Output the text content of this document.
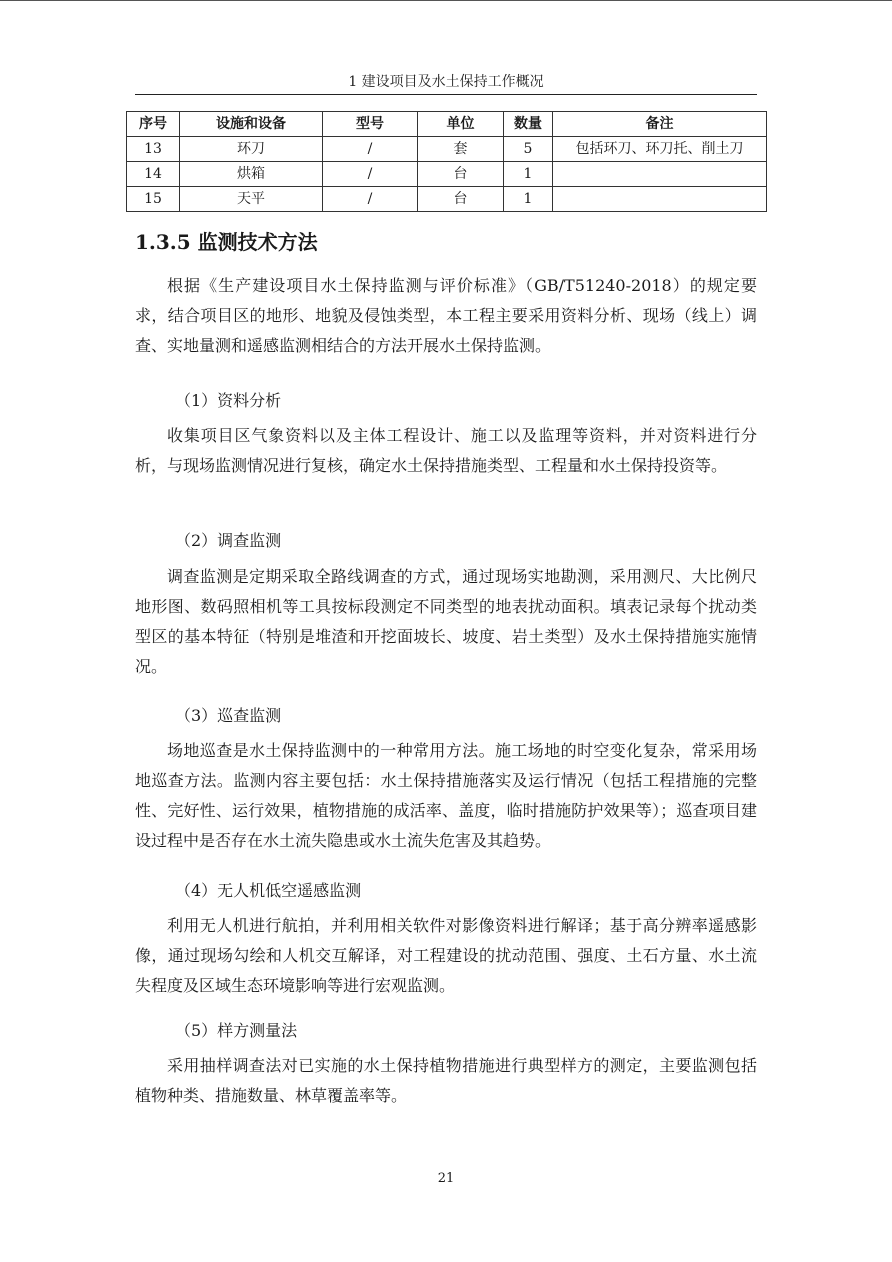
1 建设项目及水土保持工作概况
序号	设施和设备	型号	单位	数量	备注
13	环刀	/	套	5	包括环刀、环刀托、削土刀
14	烘箱	/	台	1	
15	天平	/	台	1	
1.3.5 监测技术方法

根据《生产建设项目水土保持监测与评价标准》（GB/T51240-2018）的规定要求，结合项目区的地形、地貌及侵蚀类型，本工程主要采用资料分析、现场（线上）调查、实地量测和遥感监测相结合的方法开展水土保持监测。

（1）资料分析

收集项目区气象资料以及主体工程设计、施工以及监理等资料，并对资料进行分析，与现场监测情况进行复核，确定水土保持措施类型、工程量和水土保持投资等。

（2）调查监测

调查监测是定期采取全路线调查的方式，通过现场实地勘测，采用测尺、大比例尺地形图、数码照相机等工具按标段测定不同类型的地表扰动面积。填表记录每个扰动类型区的基本特征（特别是堆渣和开挖面坡长、坡度、岩土类型）及水土保持措施实施情况。

（3）巡查监测

场地巡查是水土保持监测中的一种常用方法。施工场地的时空变化复杂，常采用场地巡查方法。监测内容主要包括：水土保持措施落实及运行情况（包括工程措施的完整性、完好性、运行效果，植物措施的成活率、盖度，临时措施防护效果等）；巡查项目建设过程中是否存在水土流失隐患或水土流失危害及其趋势。

（4）无人机低空遥感监测

利用无人机进行航拍，并利用相关软件对影像资料进行解译；基于高分辨率遥感影像，通过现场勾绘和人机交互解译，对工程建设的扰动范围、强度、土石方量、水土流失程度及区域生态环境影响等进行宏观监测。

（5）样方测量法

采用抽样调查法对已实施的水土保持植物措施进行典型样方的测定，主要监测包括植物种类、措施数量、林草覆盖率等。

21
